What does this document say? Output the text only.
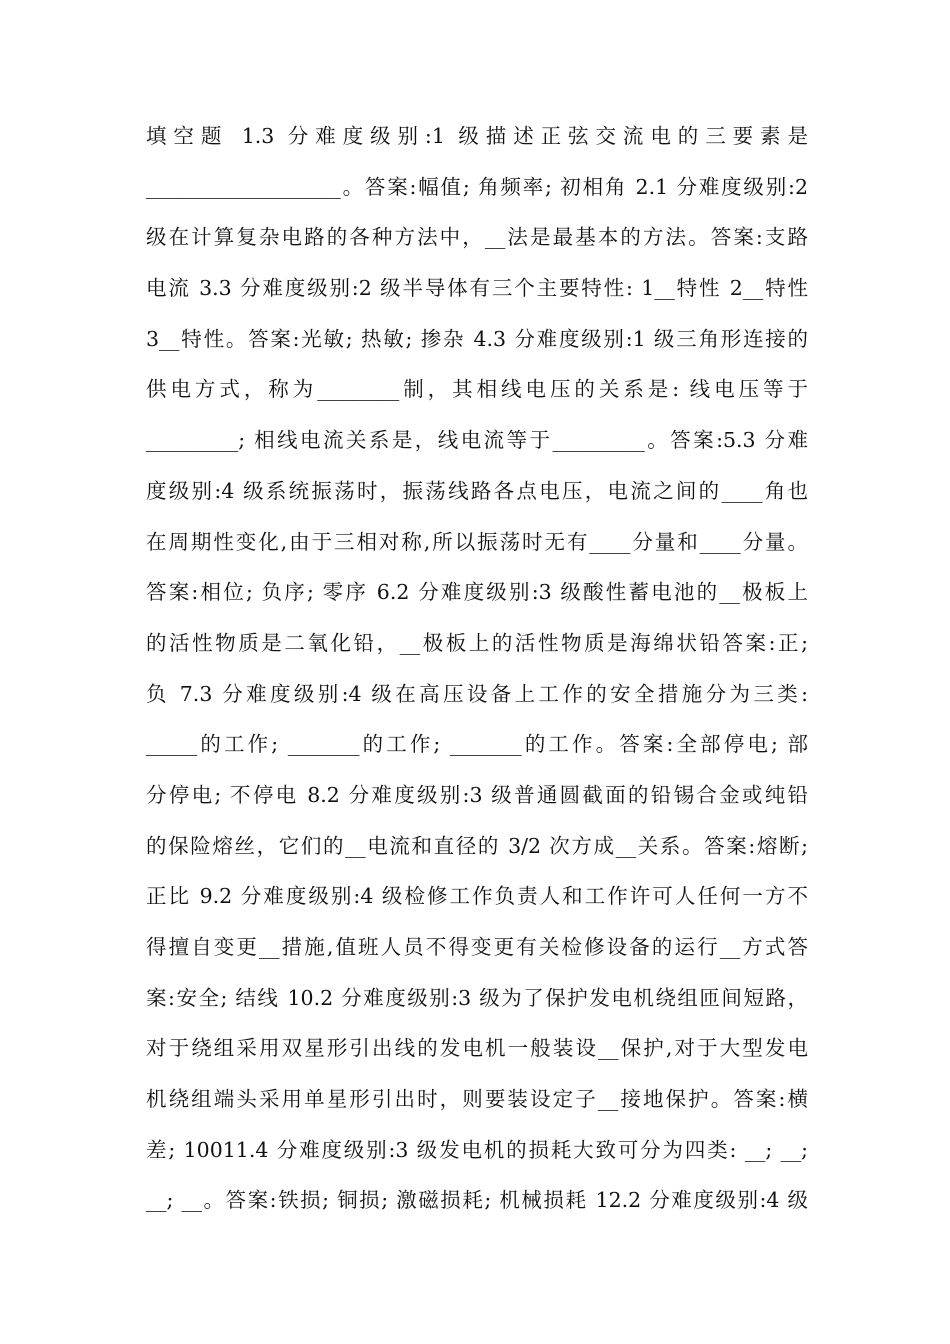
填空题 1.3 分难度级别:1 级描述正弦交流电的三要素是
___________________。答案:幅值; 角频率; 初相角 2.1 分难度级别:2
级在计算复杂电路的各种方法中，__法是最基本的方法。答案:支路
电流 3.3 分难度级别:2 级半导体有三个主要特性: 1__特性 2__特性
3__特性。答案:光敏; 热敏; 掺杂 4.3 分难度级别:1 级三角形连接的
供电方式，称为________制，其相线电压的关系是: 线电压等于
_________; 相线电流关系是，线电流等于_________。答案:5.3 分难
度级别:4 级系统振荡时，振荡线路各点电压，电流之间的____角也
在周期性变化,由于三相对称,所以振荡时无有____分量和____分量。
答案:相位; 负序; 零序 6.2 分难度级别:3 级酸性蓄电池的__极板上
的活性物质是二氧化铅，__极板上的活性物质是海绵状铅答案:正;
负 7.3 分难度级别:4 级在高压设备上工作的安全措施分为三类:
_____的工作; _______的工作; _______的工作。答案:全部停电; 部
分停电; 不停电 8.2 分难度级别:3 级普通圆截面的铅锡合金或纯铅
的保险熔丝，它们的__电流和直径的 3/2 次方成__关系。答案:熔断;
正比 9.2 分难度级别:4 级检修工作负责人和工作许可人任何一方不
得擅自变更__措施,值班人员不得变更有关检修设备的运行__方式答
案:安全; 结线 10.2 分难度级别:3 级为了保护发电机绕组匝间短路，
对于绕组采用双星形引出线的发电机一般装设__保护,对于大型发电
机绕组端头采用单星形引出时，则要装设定子__接地保护。答案:横
差; 10011.4 分难度级别:3 级发电机的损耗大致可分为四类: __; __;
__; __。答案:铁损; 铜损; 激磁损耗; 机械损耗 12.2 分难度级别:4 级
